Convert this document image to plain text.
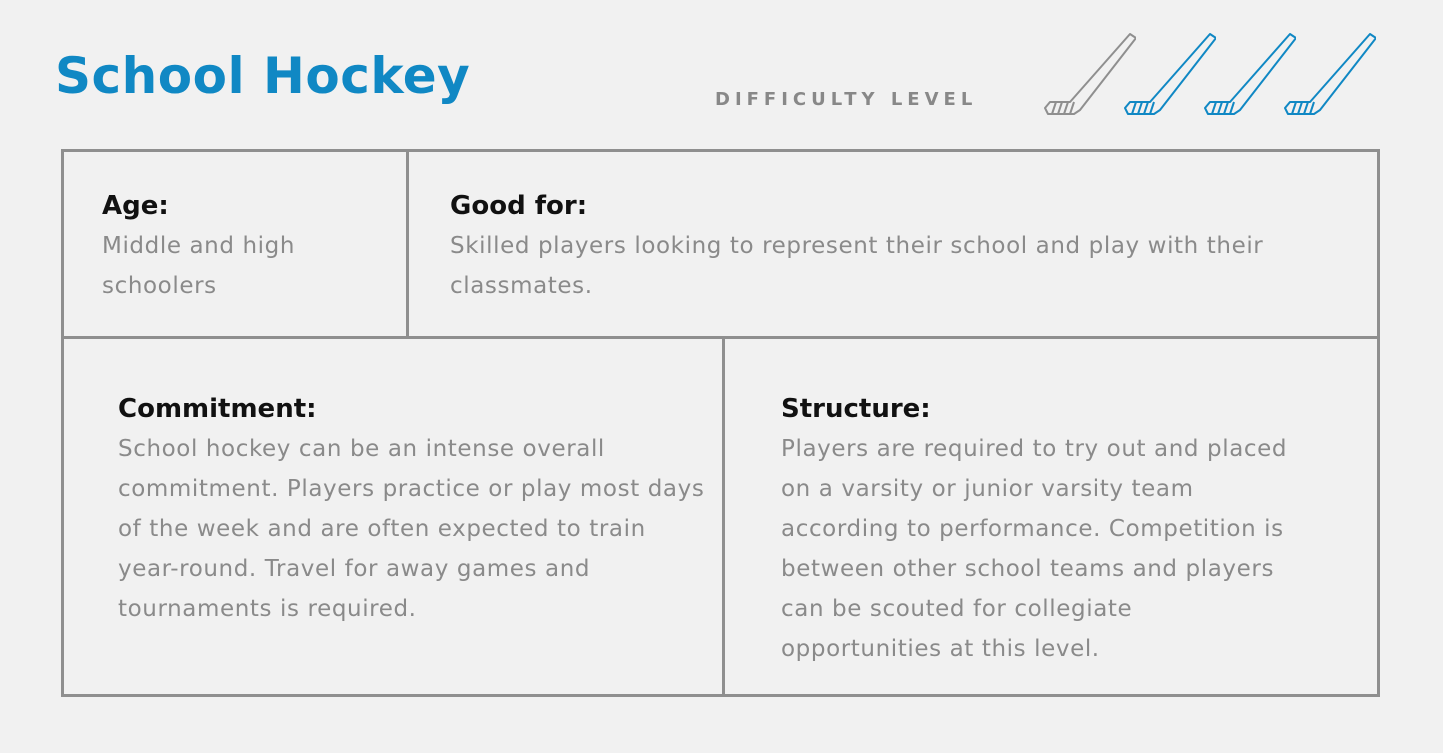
School Hockey	DIFFICULTY LEVEL
Age:
Middle and high schoolers
Good for:
Skilled players looking to represent their school and play with their classmates.
Commitment:
School hockey can be an intense overall commitment. Players practice or play most days of the week and are often expected to train year-round. Travel for away games and tournaments is required.
Structure:
Players are required to try out and placed on a varsity or junior varsity team according to performance. Competition is between other school teams and players can be scouted for collegiate opportunities at this level.
